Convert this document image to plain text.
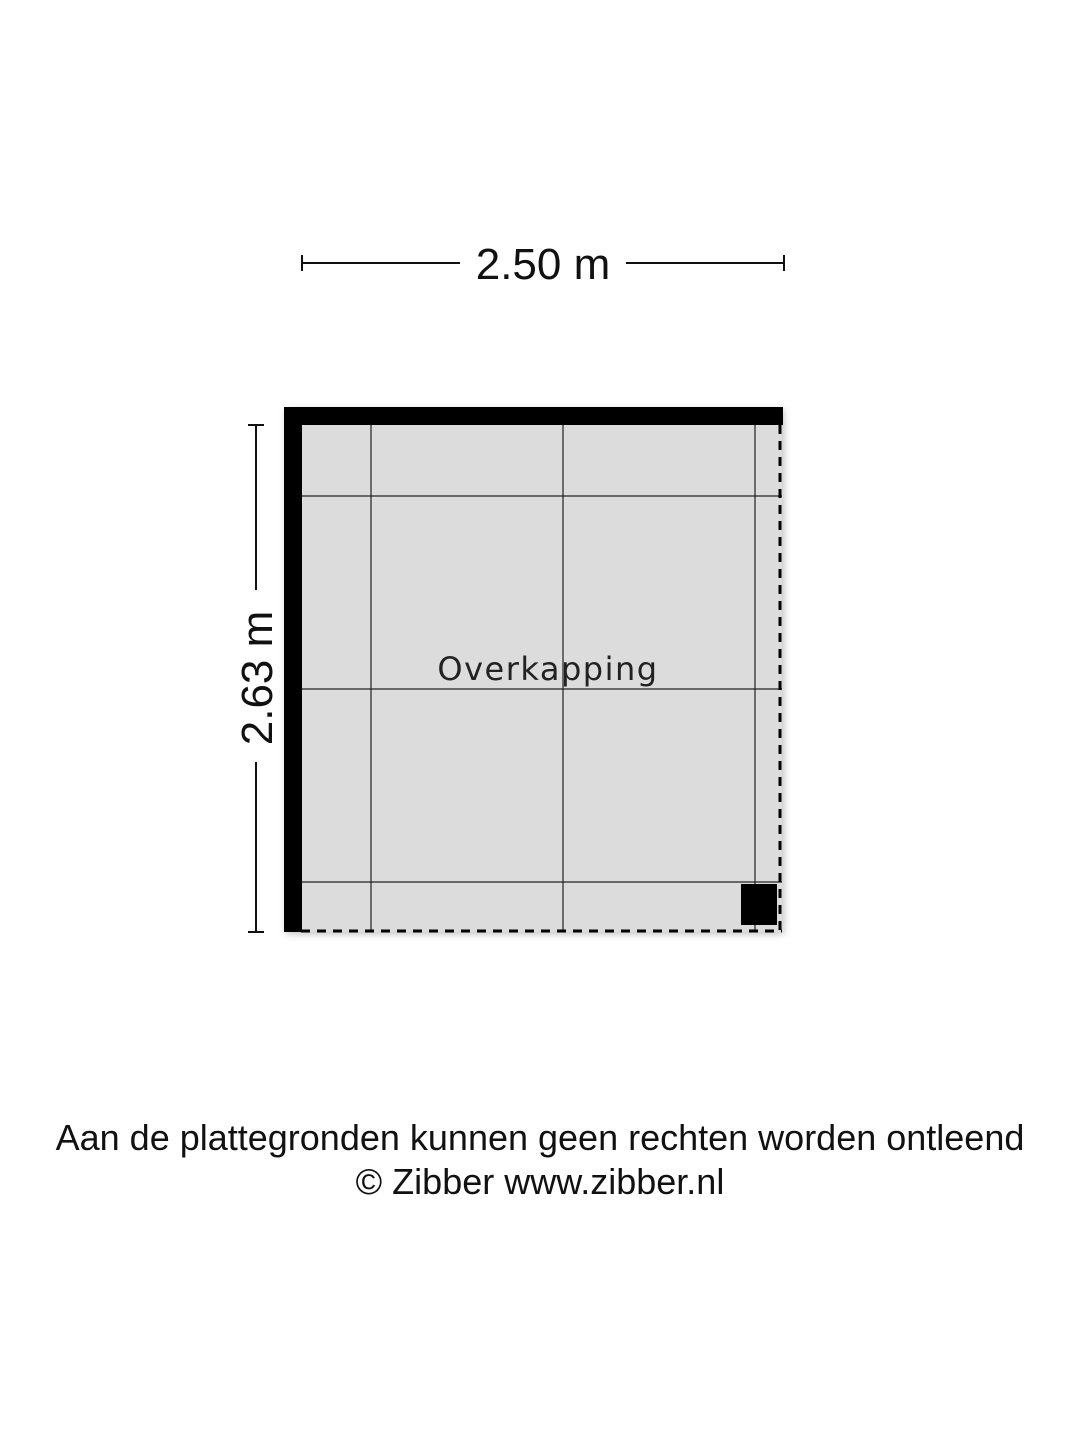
2.50 m
2.63 m	Overkapping
Aan de plattegronden kunnen geen rechten worden ontleend
© Zibber www.zibber.nl
